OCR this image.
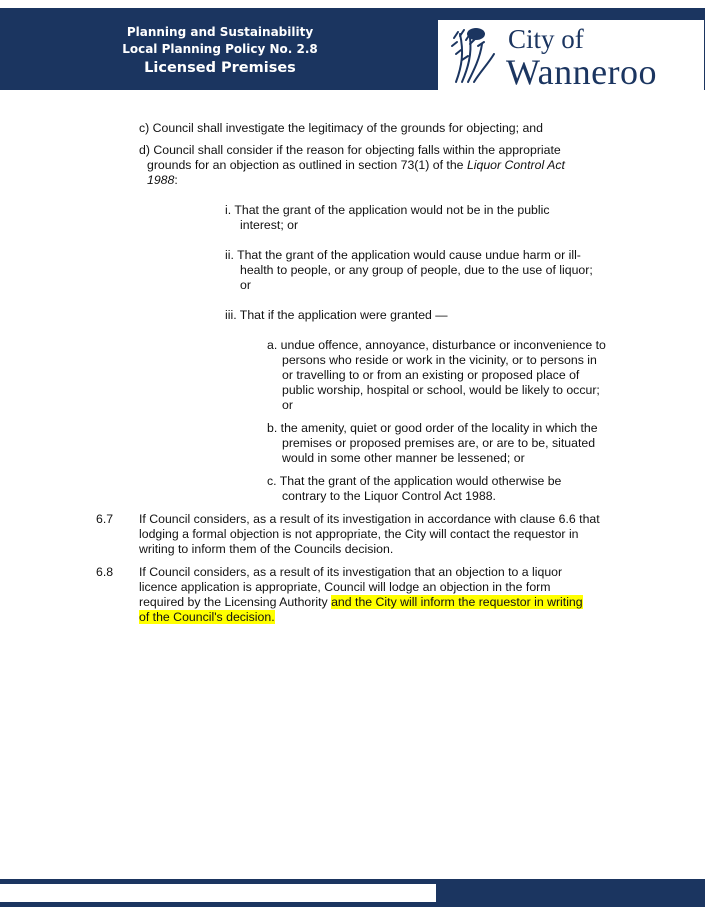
Planning and Sustainability
Local Planning Policy No. 2.8
Licensed Premises
City of
Wanneroo

c) Council shall investigate the legitimacy of the grounds for objecting; and

d) Council shall consider if the reason for objecting falls within the appropriate grounds for an objection as outlined in section 73(1) of the Liquor Control Act 1988:

i. That the grant of the application would not be in the public interest; or

ii. That the grant of the application would cause undue harm or ill-health to people, or any group of people, due to the use of liquor; or

iii. That if the application were granted —

a. undue offence, annoyance, disturbance or inconvenience to persons who reside or work in the vicinity, or to persons in or travelling to or from an existing or proposed place of public worship, hospital or school, would be likely to occur; or

b. the amenity, quiet or good order of the locality in which the premises or proposed premises are, or are to be, situated would in some other manner be lessened; or

c. That the grant of the application would otherwise be contrary to the Liquor Control Act 1988.

6.7 If Council considers, as a result of its investigation in accordance with clause 6.6 that lodging a formal objection is not appropriate, the City will contact the requestor in writing to inform them of the Councils decision.

6.8 If Council considers, as a result of its investigation that an objection to a liquor licence application is appropriate, Council will lodge an objection in the form required by the Licensing Authority and the City will inform the requestor in writing of the Council's decision.
